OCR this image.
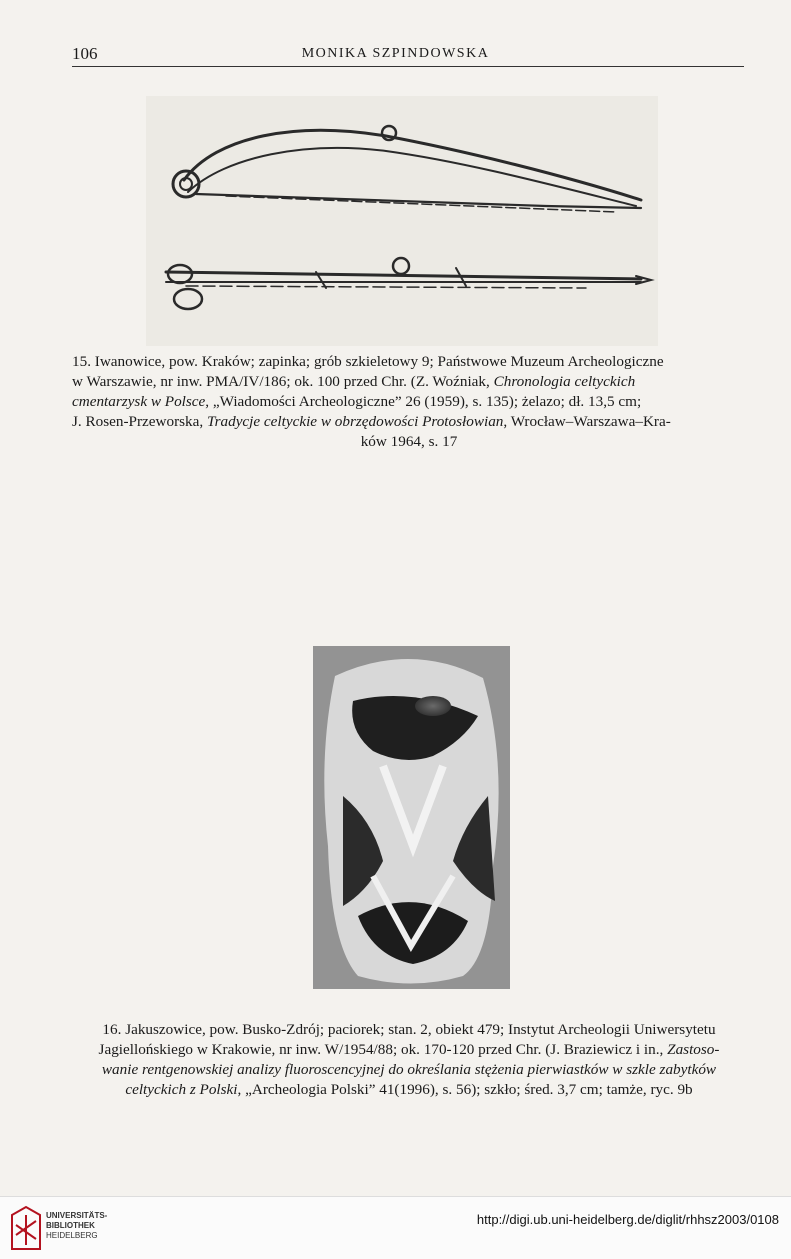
106	MONIKA SZPINDOWSKA
15. Iwanowice, pow. Kraków; zapinka; grób szkieletowy 9; Państwowe Muzeum Archeologiczne
w Warszawie, nr inw. PMA/IV/186; ok. 100 przed Chr. (Z. Woźniak, Chronologia celtyckich
cmentarzysk w Polsce, „Wiadomości Archeologiczne” 26 (1959), s. 135); żelazo; dł. 13,5 cm;
J. Rosen-Przeworska, Tradycje celtyckie w obrzędowości Protosłowian, Wrocław–Warszawa–Kra-
ków 1964, s. 17
16. Jakuszowice, pow. Busko-Zdrój; paciorek; stan. 2, obiekt 479; Instytut Archeologii Uniwersytetu
Jagiellońskiego w Krakowie, nr inw. W/1954/88; ok. 170-120 przed Chr. (J. Braziewicz i in., Zastoso-
wanie rentgenowskiej analizy fluoroscencyjnej do określania stężenia pierwiastków w szkle zabytków
celtyckich z Polski, „Archeologia Polski” 41(1996), s. 56); szkło; śred. 3,7 cm; tamże, ryc. 9b
UNIVERSITÄTS-
BIBLIOTHEK
HEIDELBERG
http://digi.ub.uni-heidelberg.de/diglit/rhhsz2003/0108
